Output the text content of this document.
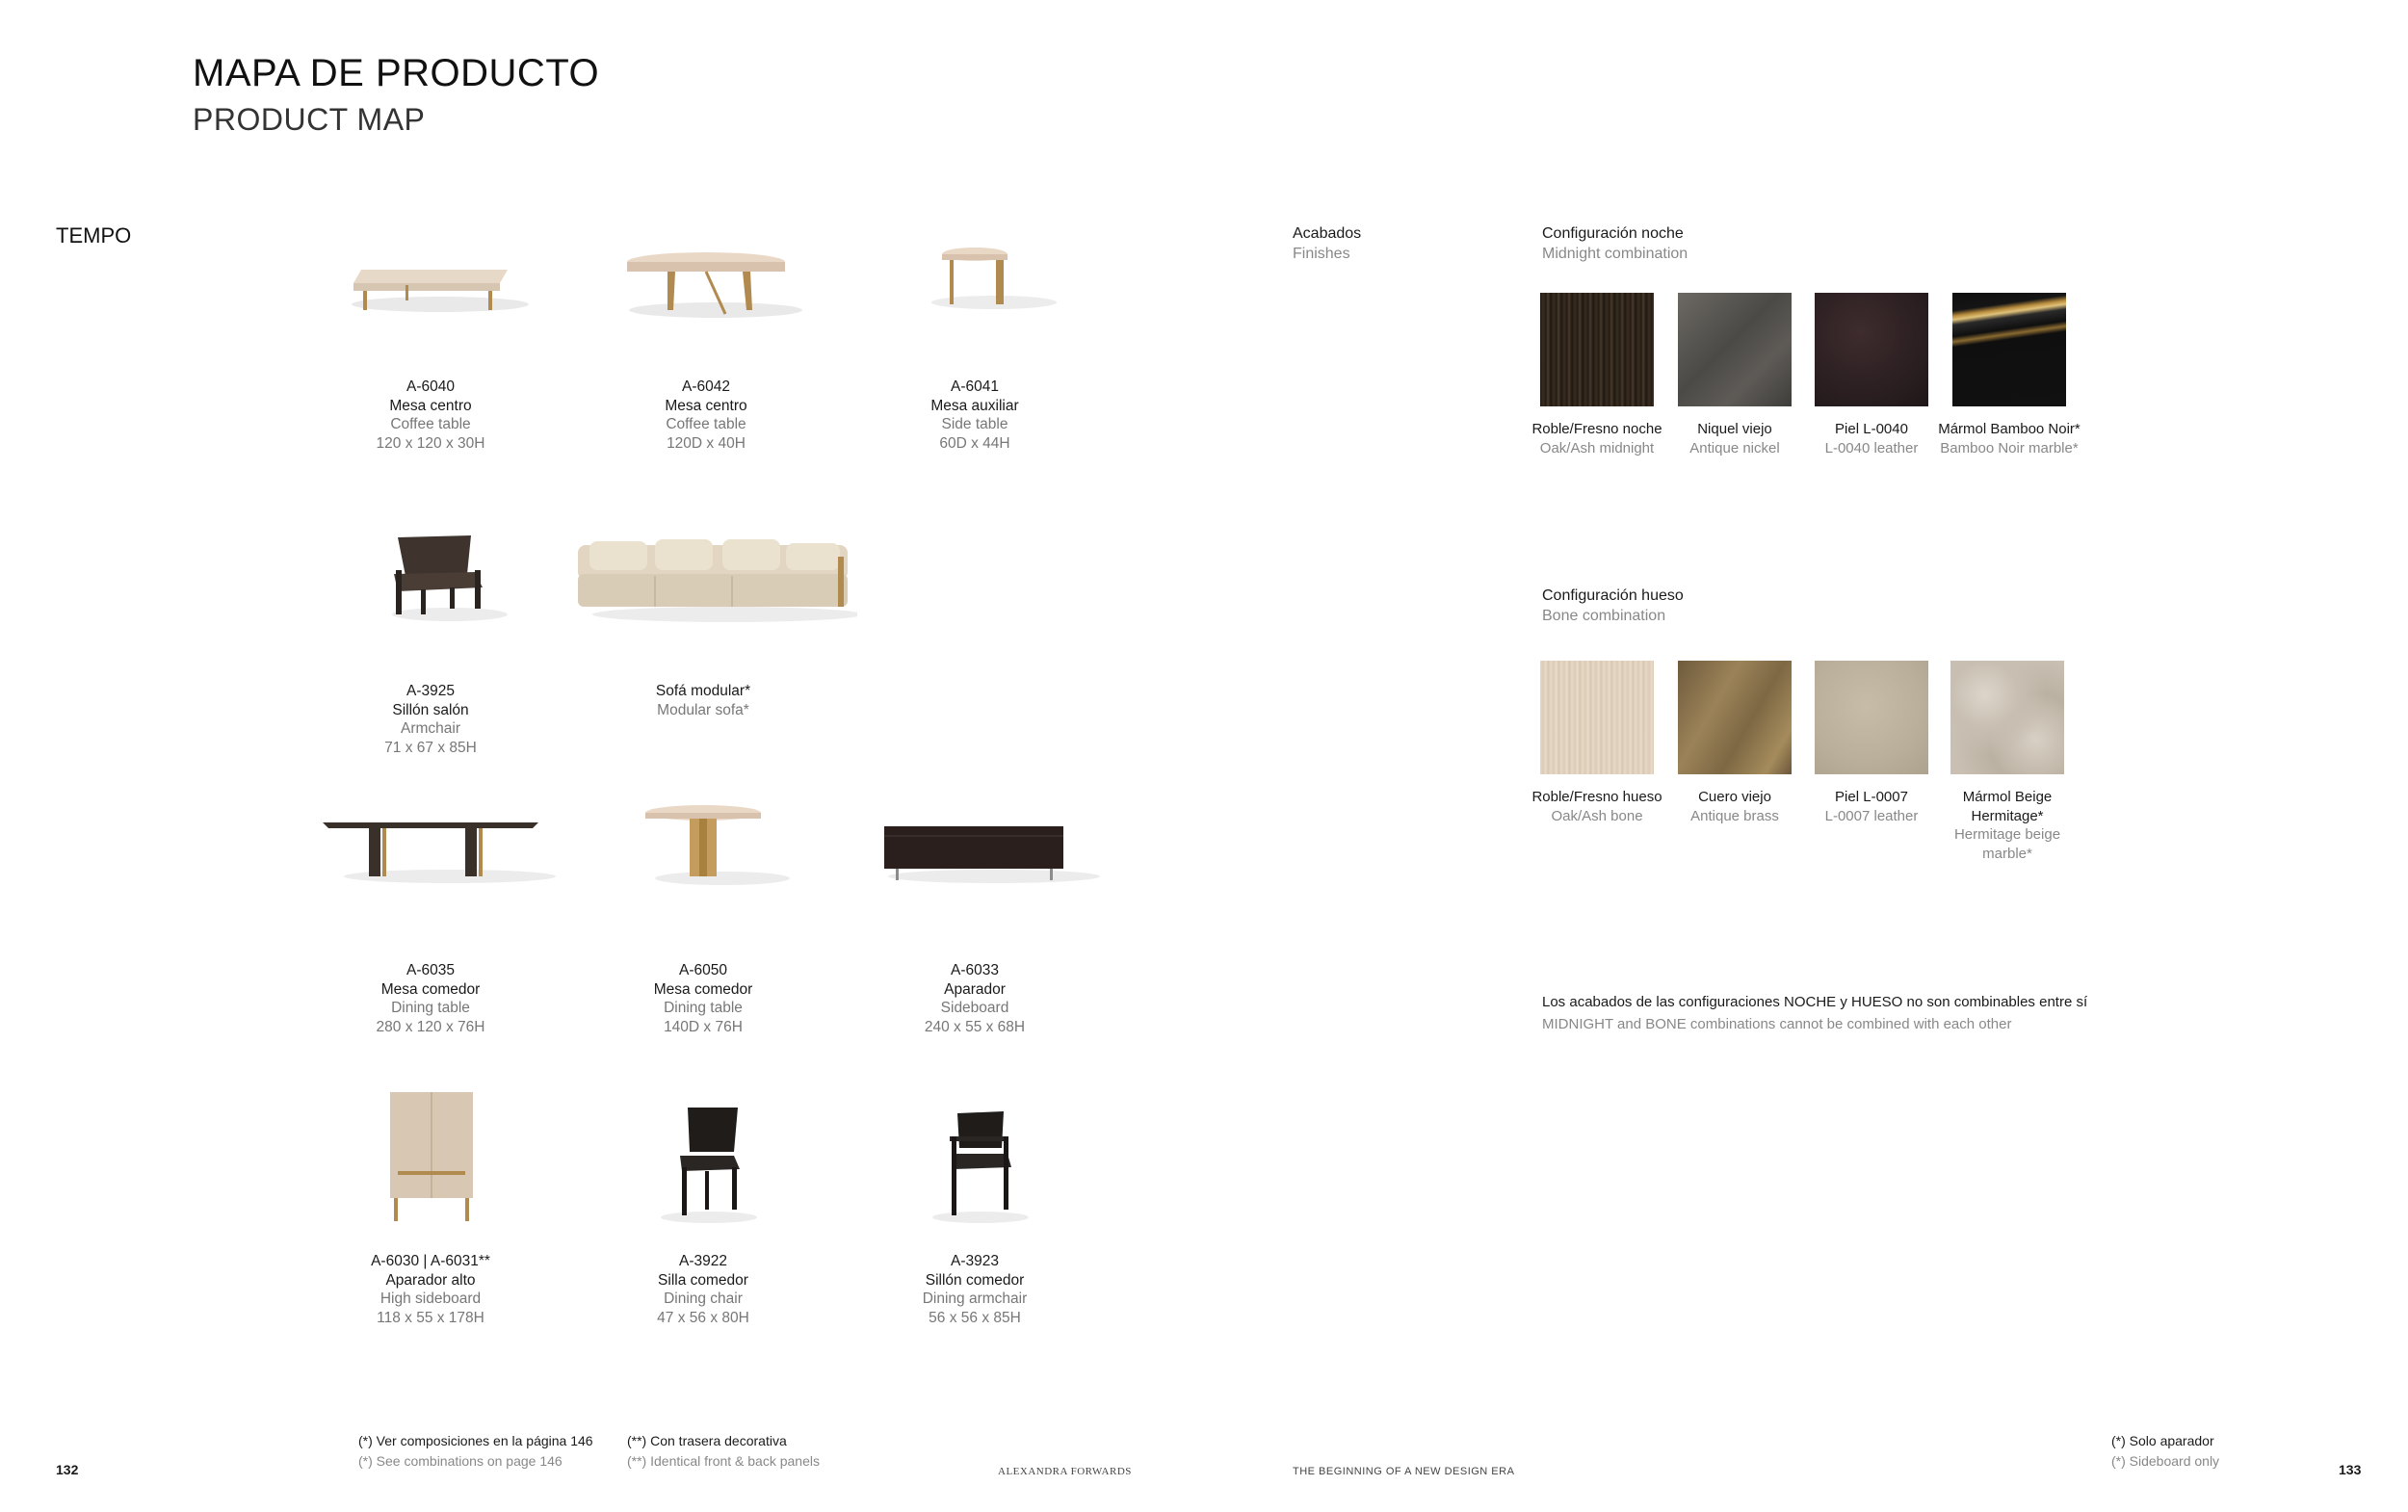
MAPA DE PRODUCTO
PRODUCT MAP
TEMPO
A-6040
Mesa centro
Coffee table
120 x 120 x 30H
A-6042
Mesa centro
Coffee table
120D x 40H
A-6041
Mesa auxiliar
Side table
60D x 44H
A-3925
Sillón salón
Armchair
71 x 67 x 85H
Sofá modular*
Modular sofa*
A-6035
Mesa comedor
Dining table
280 x 120 x 76H
A-6050
Mesa comedor
Dining table
140D x 76H
A-6033
Aparador
Sideboard
240 x 55 x 68H
A-6030 | A-6031**
Aparador alto
High sideboard
118 x 55 x 178H
A-3922
Silla comedor
Dining chair
47 x 56 x 80H
A-3923
Sillón comedor
Dining armchair
56 x 56 x 85H
Acabados
Finishes
Configuración noche
Midnight combination
Roble/Fresno noche
Oak/Ash midnight
Niquel viejo
Antique nickel
Piel L-0040
L-0040 leather
Mármol Bamboo Noir*
Bamboo Noir marble*
Configuración hueso
Bone combination
Roble/Fresno hueso
Oak/Ash bone
Cuero viejo
Antique brass
Piel L-0007
L-0007 leather
Mármol Beige Hermitage*
Hermitage beige marble*
Los acabados de las configuraciones NOCHE y HUESO no son combinables entre sí
MIDNIGHT and BONE combinations cannot be combined with each other
132
(*) Ver composiciones en la página 146
(*) See combinations on page 146
(**) Con trasera decorativa
(**) Identical front & back panels
ALEXANDRA FORWARDS	THE BEGINNING OF A NEW DESIGN ERA
(*) Solo aparador
(*) Sideboard only
133
